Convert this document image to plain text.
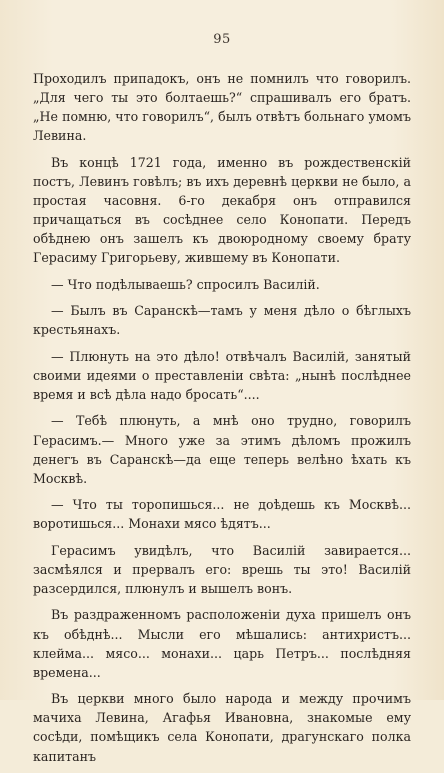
95

Проходилъ припадокъ, онъ не помнилъ что говорилъ. „Для чего ты это болтаешь?“ спрашивалъ его братъ. „Не помню, что говорилъ“, былъ отвѣтъ больнаго умомъ Левина.

Въ концѣ 1721 года, именно въ рождественскій постъ, Левинъ говѣлъ; въ ихъ деревнѣ церкви не было, а простая часовня. 6-го декабря онъ отправился причащаться въ сосѣднее село Конопати. Передъ обѣднею онъ зашелъ къ двоюродному своему брату Герасиму Григорьеву, жившему въ Конопати.

— Что подѣлываешь? спросилъ Василій.

— Былъ въ Саранскѣ—тамъ у меня дѣло о бѣглыхъ крестьянахъ.

— Плюнуть на это дѣло! отвѣчалъ Василій, занятый своими идеями о преставленіи свѣта: „нынѣ послѣднее время и всѣ дѣла надо бросать“....

— Тебѣ плюнуть, а мнѣ оно трудно, говорилъ Герасимъ.— Много уже за этимъ дѣломъ прожилъ денегъ въ Саранскѣ—да еще теперь велѣно ѣхать къ Москвѣ.

— Что ты торопишься... не доѣдешь къ Москвѣ... воротишься... Монахи мясо ѣдятъ...

Герасимъ увидѣлъ, что Василій завирается... засмѣялся и прервалъ его: врешь ты это! Василій разсердился, плюнулъ и вышелъ вонъ.

Въ раздраженномъ расположеніи духа пришелъ онъ къ обѣднѣ... Мысли его мѣшались: антихристъ... клейма... мясо... монахи... царь Петръ... послѣдняя времена...

Въ церкви много было народа и между прочимъ мачиха Левина, Агафья Ивановна, знакомые ему сосѣди, помѣщикъ села Конопати, драгунскаго полка капитанъ
